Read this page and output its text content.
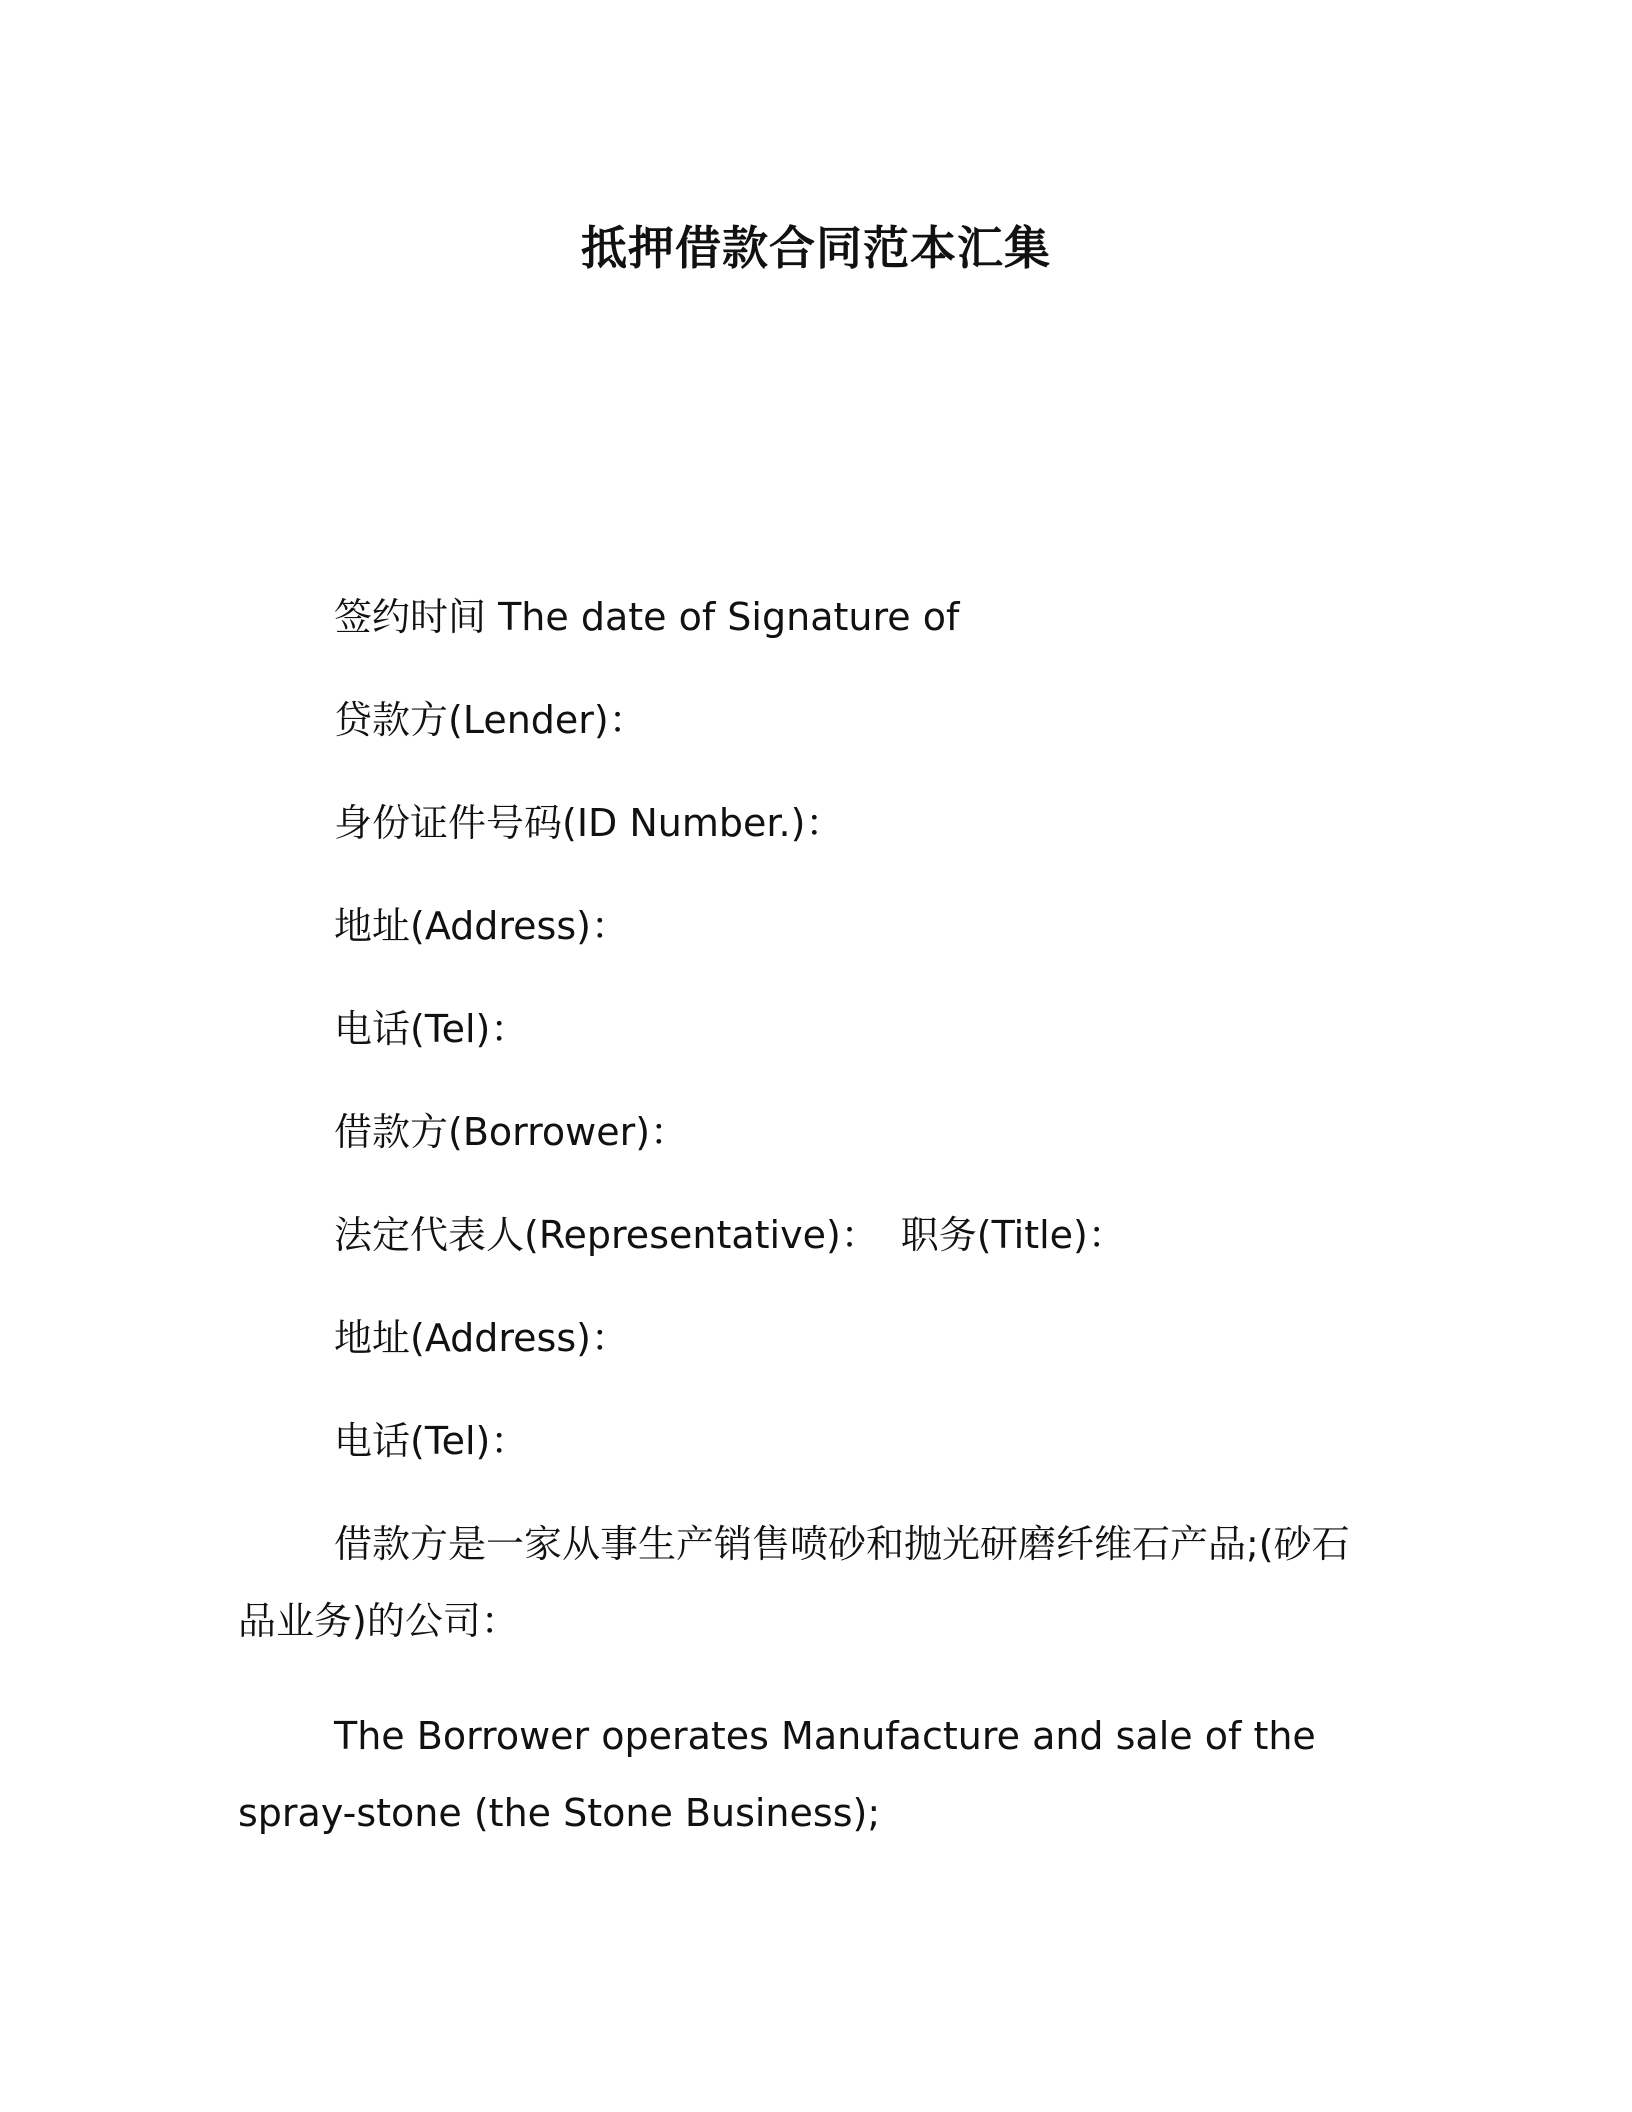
抵押借款合同范本汇集
签约时间 The date of Signature of
贷款方(Lender)：
身份证件号码(ID Number.)：
地址(Address)：
电话(Tel)：
借款方(Borrower)：
法定代表人(Representative)： 职务(Title)：
地址(Address)：
电话(Tel)：

借款方是一家从事生产销售喷砂和抛光研磨纤维石产品;(砂石品业务)的公司：

The Borrower operates Manufacture and sale of the spray-stone (the Stone Business);
